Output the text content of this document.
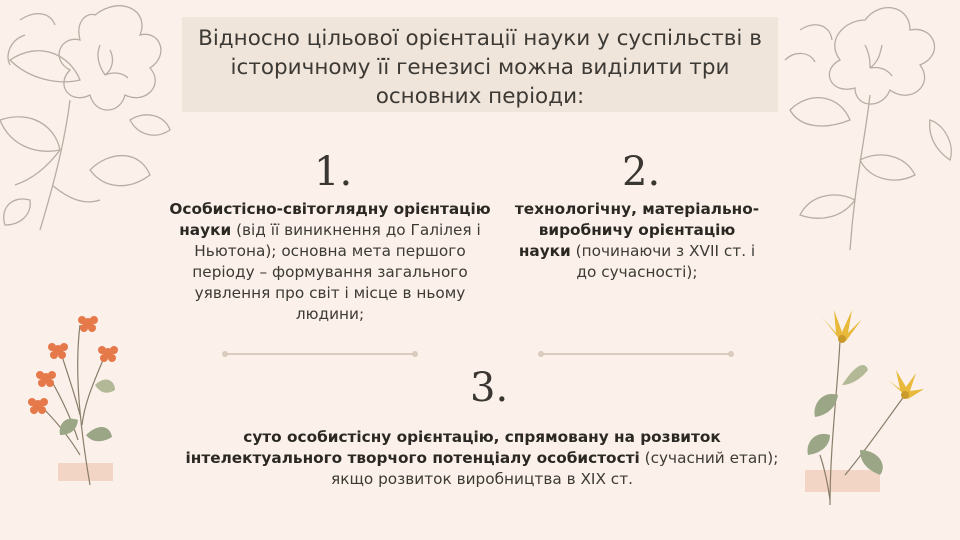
Відносно цільової орієнтації науки у суспільстві в історичному її генезисі можна виділити три основних періоди:
1.
Особистісно-світоглядну орієнтацію науки (від її виникнення до Галілея і Ньютона); основна мета першого періоду – формування загального уявлення про світ і місце в ньому людини;
2.
технологічну, матеріально-виробничу орієнтацію науки (починаючи з XVII ст. і до сучасності);
3.
суто особистісну орієнтацію, спрямовану на розвиток інтелектуального творчого потенціалу особистості (сучасний етап); якщо розвиток виробництва в XIX ст.
